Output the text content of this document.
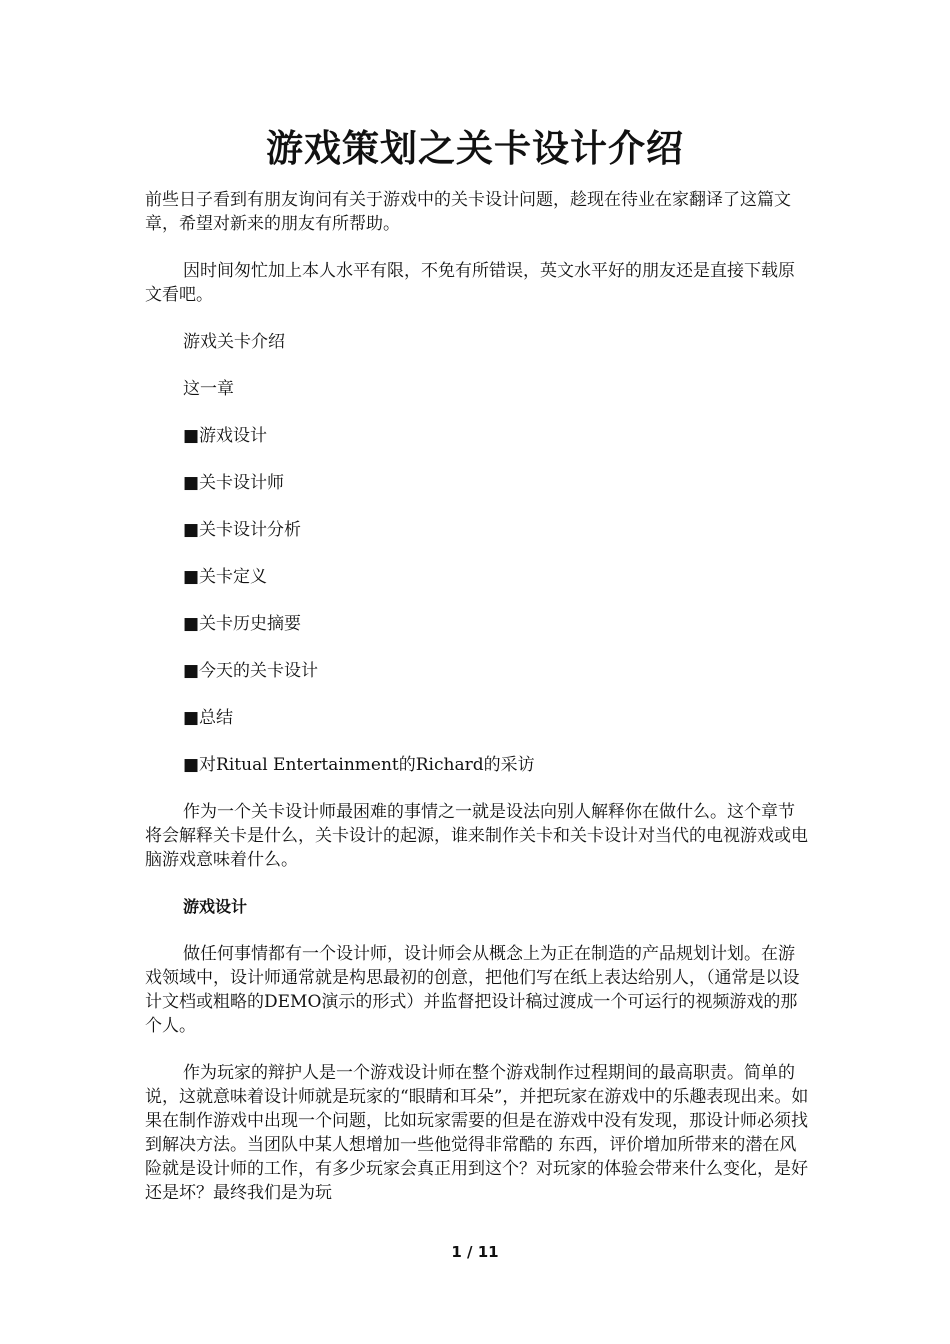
游戏策划之关卡设计介绍

前些日子看到有朋友询问有关于游戏中的关卡设计问题，趁现在待业在家翻译了这篇文章，希望对新来的朋友有所帮助。

因时间匆忙加上本人水平有限，不免有所错误，英文水平好的朋友还是直接下载原文看吧。

游戏关卡介绍

这一章

■游戏设计

■关卡设计师

■关卡设计分析

■关卡定义

■关卡历史摘要

■今天的关卡设计

■总结

■对Ritual Entertainment的Richard的采访

作为一个关卡设计师最困难的事情之一就是设法向别人解释你在做什么。这个章节将会解释关卡是什么，关卡设计的起源，谁来制作关卡和关卡设计对当代的电视游戏或电脑游戏意味着什么。

游戏设计

做任何事情都有一个设计师，设计师会从概念上为正在制造的产品规划计划。在游戏领域中，设计师通常就是构思最初的创意，把他们写在纸上表达给别人，（通常是以设计文档或粗略的DEMO演示的形式）并监督把设计稿过渡成一个可运行的视频游戏的那个人。

作为玩家的辩护人是一个游戏设计师在整个游戏制作过程期间的最高职责。简单的说，这就意味着设计师就是玩家的“眼睛和耳朵”，并把玩家在游戏中的乐趣表现出来。如果在制作游戏中出现一个问题，比如玩家需要的但是在游戏中没有发现，那设计师必须找到解决方法。当团队中某人想增加一些他觉得非常酷的 东西，评价增加所带来的潜在风险就是设计师的工作，有多少玩家会真正用到这个？对玩家的体验会带来什么变化，是好还是坏？最终我们是为玩

1 / 11
